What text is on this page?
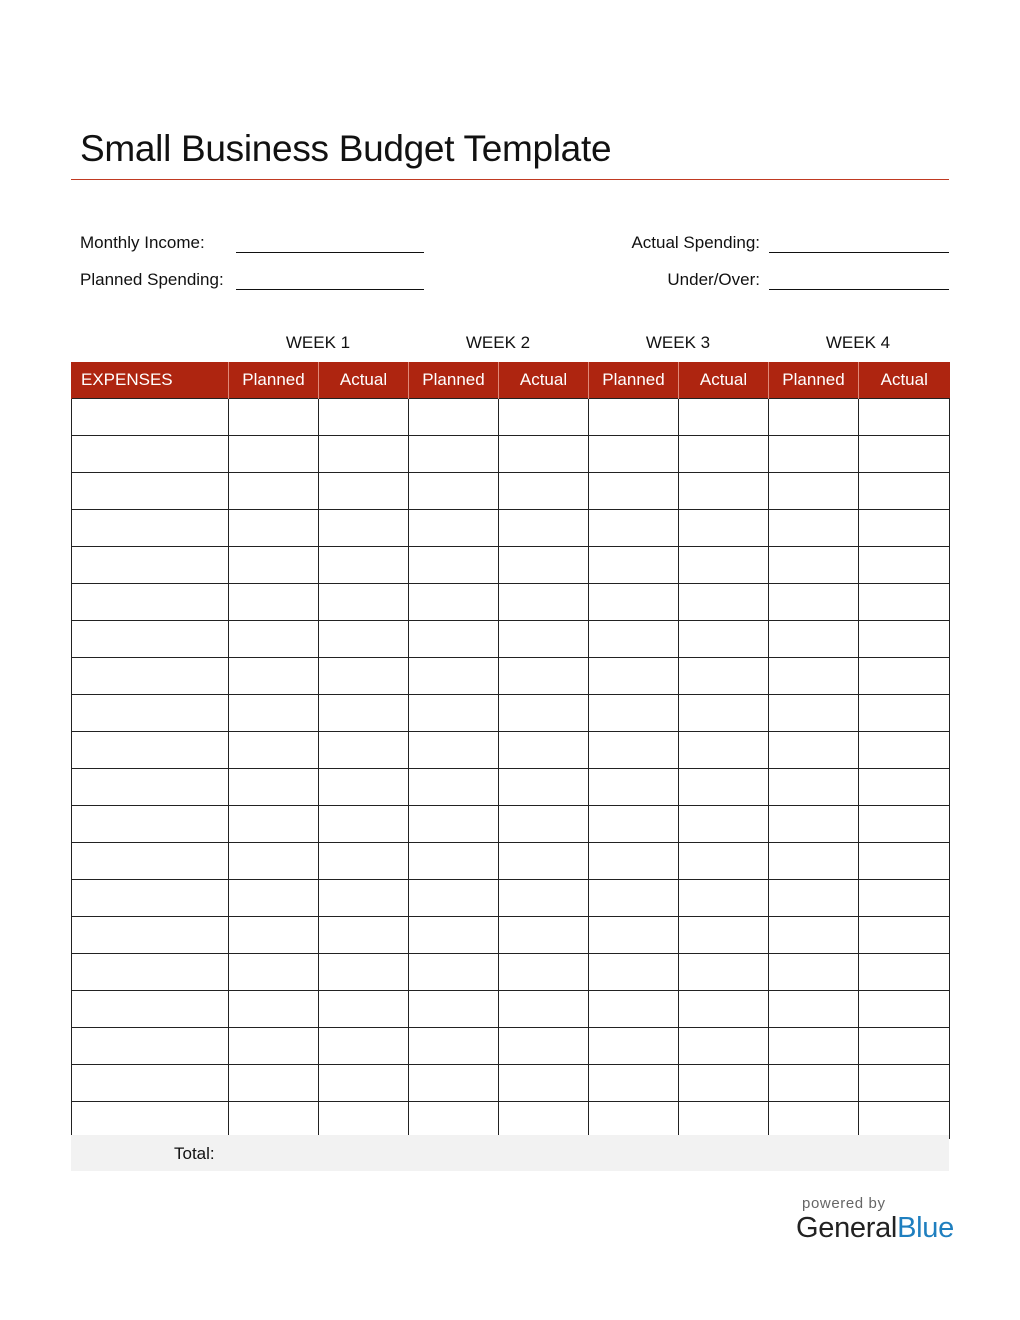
Small Business Budget Template
Monthly Income:
Planned Spending:
Actual Spending:
Under/Over:
WEEK 1	WEEK 2	WEEK 3	WEEK 4
EXPENSES	Planned	Actual	Planned	Actual	Planned	Actual	Planned	Actual

Total:
powered by
GeneralBlue
